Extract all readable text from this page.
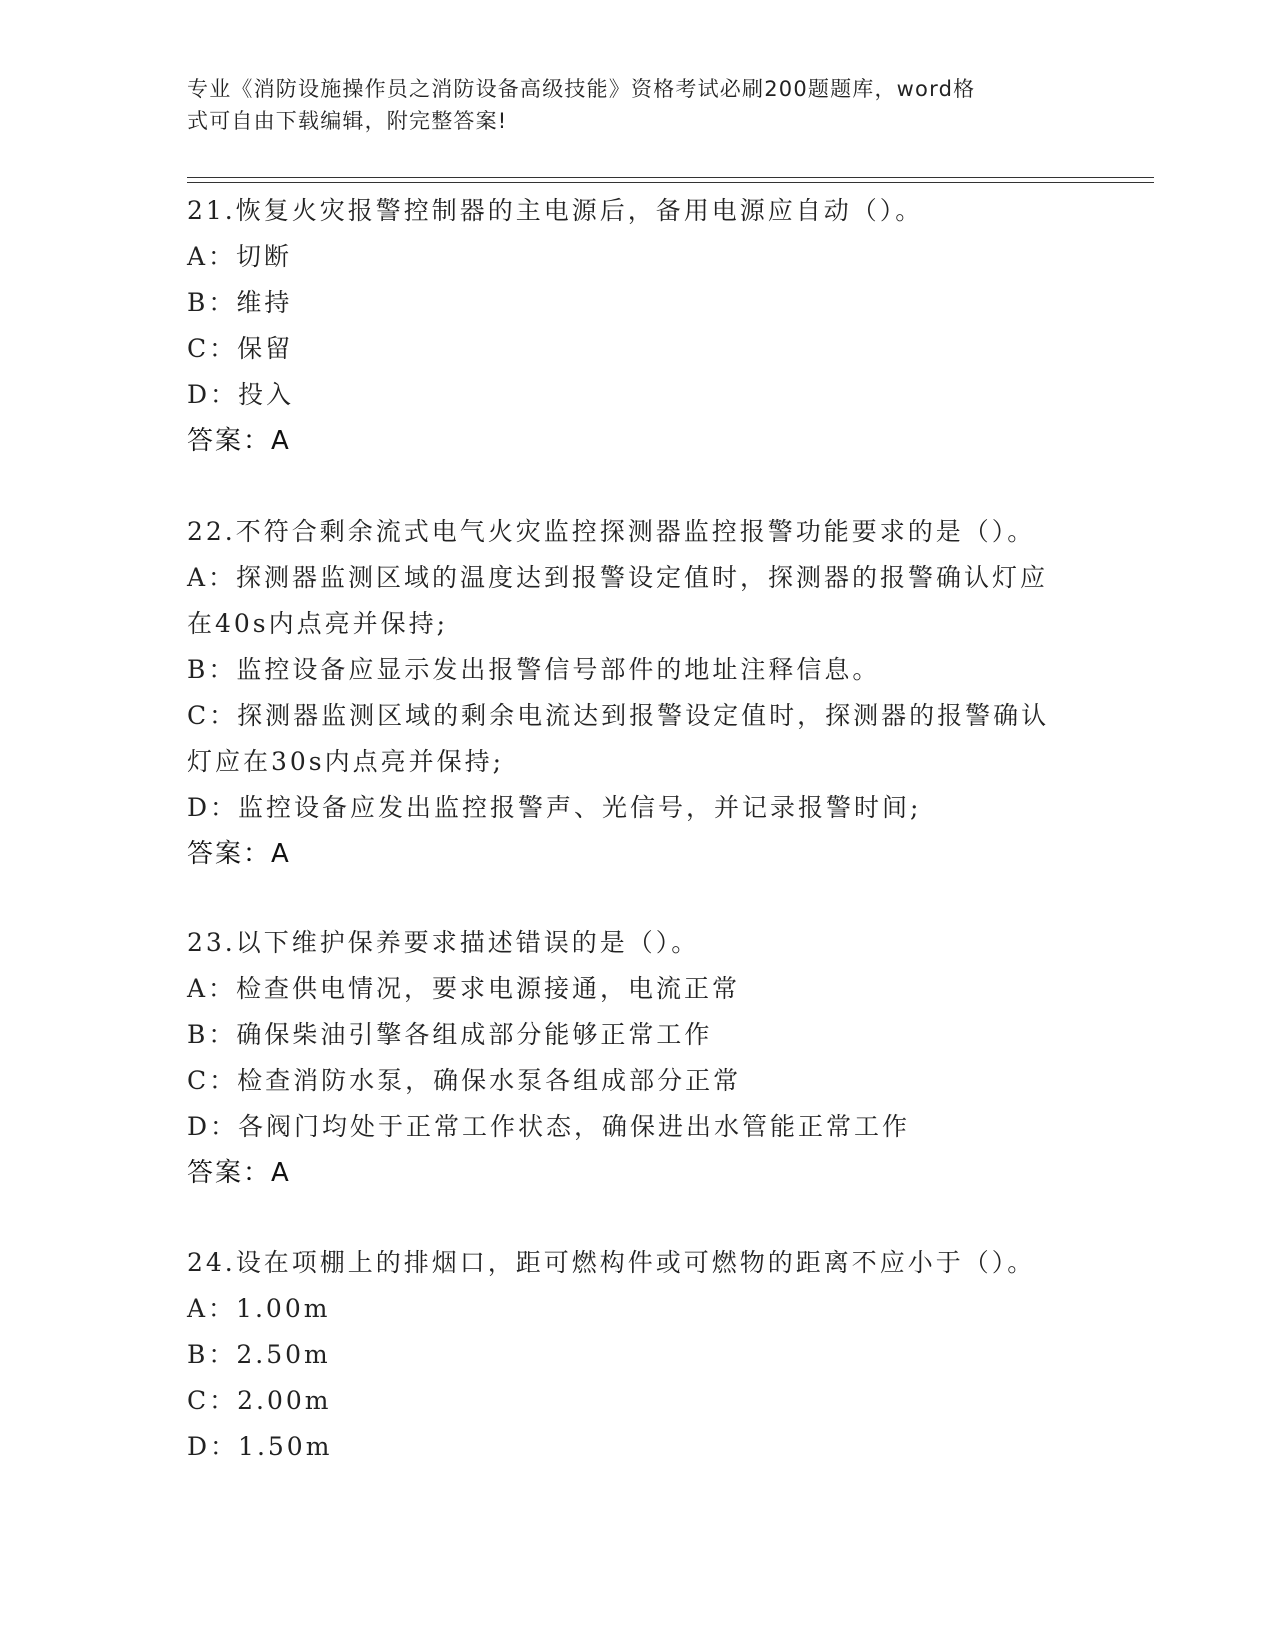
专业《消防设施操作员之消防设备高级技能》资格考试必刷200题题库，word格
式可自由下载编辑，附完整答案!
21.恢复火灾报警控制器的主电源后，备用电源应自动（）。
A：切断
B：维持
C：保留
D：投入
答案：A
22.不符合剩余流式电气火灾监控探测器监控报警功能要求的是（）。
A：探测器监测区域的温度达到报警设定值时，探测器的报警确认灯应
在40s内点亮并保持;
B：监控设备应显示发出报警信号部件的地址注释信息。
C：探测器监测区域的剩余电流达到报警设定值时，探测器的报警确认
灯应在30s内点亮并保持;
D：监控设备应发出监控报警声、光信号，并记录报警时间;
答案：A
23.以下维护保养要求描述错误的是（）。
A：检查供电情况，要求电源接通，电流正常
B：确保柴油引擎各组成部分能够正常工作
C：检查消防水泵，确保水泵各组成部分正常
D：各阀门均处于正常工作状态，确保进出水管能正常工作
答案：A
24.设在项棚上的排烟口，距可燃构件或可燃物的距离不应小于（）。
A：1.00m
B：2.50m
C：2.00m
D：1.50m
